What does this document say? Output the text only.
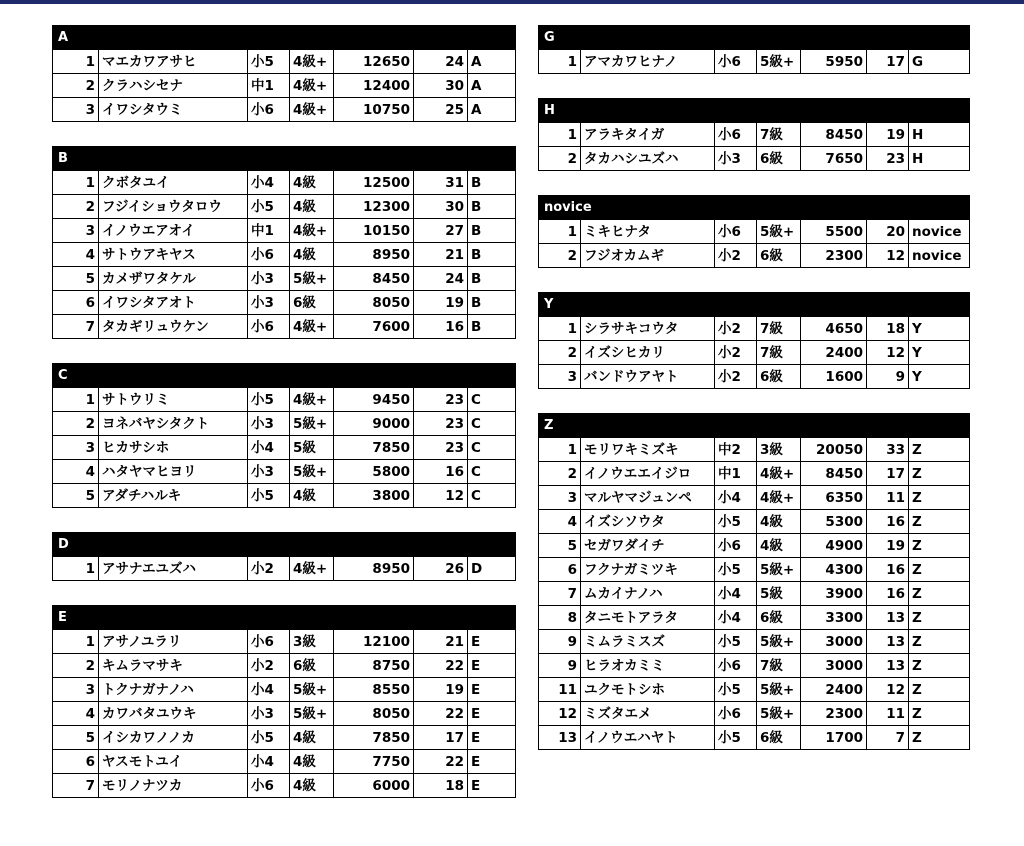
A
1	マエカワアサヒ	小5	4級+	12650	24	A
2	クラハシセナ	中1	4級+	12400	30	A
3	イワシタウミ	小6	4級+	10750	25	A
B
1	クボタユイ	小4	4級	12500	31	B
2	フジイショウタロウ	小5	4級	12300	30	B
3	イノウエアオイ	中1	4級+	10150	27	B
4	サトウアキヤス	小6	4級	8950	21	B
5	カメザワタケル	小3	5級+	8450	24	B
6	イワシタアオト	小3	6級	8050	19	B
7	タカギリュウケン	小6	4級+	7600	16	B
C
1	サトウリミ	小5	4級+	9450	23	C
2	ヨネバヤシタクト	小3	5級+	9000	23	C
3	ヒカサシホ	小4	5級	7850	23	C
4	ハタヤマヒヨリ	小3	5級+	5800	16	C
5	アダチハルキ	小5	4級	3800	12	C
D
1	アサナエユズハ	小2	4級+	8950	26	D
E
1	アサノユラリ	小6	3級	12100	21	E
2	キムラマサキ	小2	6級	8750	22	E
3	トクナガナノハ	小4	5級+	8550	19	E
4	カワバタユウキ	小3	5級+	8050	22	E
5	イシカワノノカ	小5	4級	7850	17	E
6	ヤスモトユイ	小4	4級	7750	22	E
7	モリノナツカ	小6	4級	6000	18	E
G
1	アマカワヒナノ	小6	5級+	5950	17	G
H
1	アラキタイガ	小6	7級	8450	19	H
2	タカハシユズハ	小3	6級	7650	23	H
novice
1	ミキヒナタ	小6	5級+	5500	20	novice
2	フジオカムギ	小2	6級	2300	12	novice
Y
1	シラサキコウタ	小2	7級	4650	18	Y
2	イズシヒカリ	小2	7級	2400	12	Y
3	バンドウアヤト	小2	6級	1600	9	Y
Z
1	モリワキミズキ	中2	3級	20050	33	Z
2	イノウエエイジロ	中1	4級+	8450	17	Z
3	マルヤマジュンペ	小4	4級+	6350	11	Z
4	イズシソウタ	小5	4級	5300	16	Z
5	セガワダイチ	小6	4級	4900	19	Z
6	フクナガミツキ	小5	5級+	4300	16	Z
7	ムカイナノハ	小4	5級	3900	16	Z
8	タニモトアラタ	小4	6級	3300	13	Z
9	ミムラミスズ	小5	5級+	3000	13	Z
9	ヒラオカミミ	小6	7級	3000	13	Z
11	ユクモトシホ	小5	5級+	2400	12	Z
12	ミズタエメ	小6	5級+	2300	11	Z
13	イノウエハヤト	小5	6級	1700	7	Z
